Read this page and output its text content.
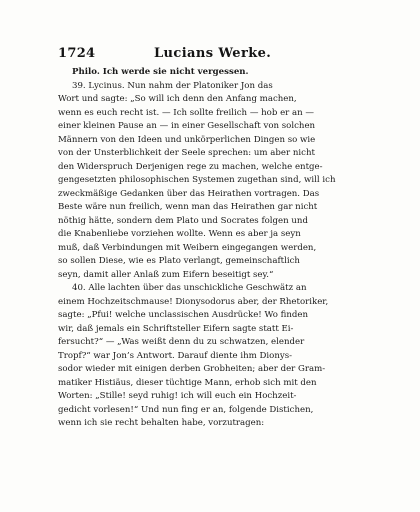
1724	Lucians Werke.
Philo. Ich werde sie nicht vergessen.
39. Lycinus. Nun nahm der Platoniker Jon das
Wort und sagte: „So will ich denn den Anfang machen,
wenn es euch recht ist. — Ich sollte freilich — hob er an —
einer kleinen Pause an — in einer Gesellschaft von solchen
Männern von den Ideen und unkörperlichen Dingen so wie
von der Unsterblichkeit der Seele sprechen: um aber nicht
den Widerspruch Derjenigen rege zu machen, welche entge-
gengesetzten philosophischen Systemen zugethan sind, will ich
zweckmäßige Gedanken über das Heirathen vortragen. Das
Beste wäre nun freilich, wenn man das Heirathen gar nicht
nöthig hätte, sondern dem Plato und Socrates folgen und
die Knabenliebe vorziehen wollte. Wenn es aber ja seyn
muß, daß Verbindungen mit Weibern eingegangen werden,
so sollen Diese, wie es Plato verlangt, gemeinschaftlich
seyn, damit aller Anlaß zum Eifern beseitigt sey.“
40. Alle lachten über das unschickliche Geschwätz an
einem Hochzeitschmause! Dionysodorus aber, der Rhetoriker,
sagte: „Pfui! welche unclassischen Ausdrücke! Wo finden
wir, daß jemals ein Schriftsteller Eifern sagte statt Ei-
fersucht?“ — „Was weißt denn du zu schwatzen, elender
Tropf?“ war Jon’s Antwort. Darauf diente ihm Dionys-
sodor wieder mit einigen derben Grobheiten; aber der Gram-
matiker Histiäus, dieser tüchtige Mann, erhob sich mit den
Worten: „Stille! seyd ruhig! ich will euch ein Hochzeit-
gedicht vorlesen!“ Und nun fing er an, folgende Distichen,
wenn ich sie recht behalten habe, vorzutragen:
